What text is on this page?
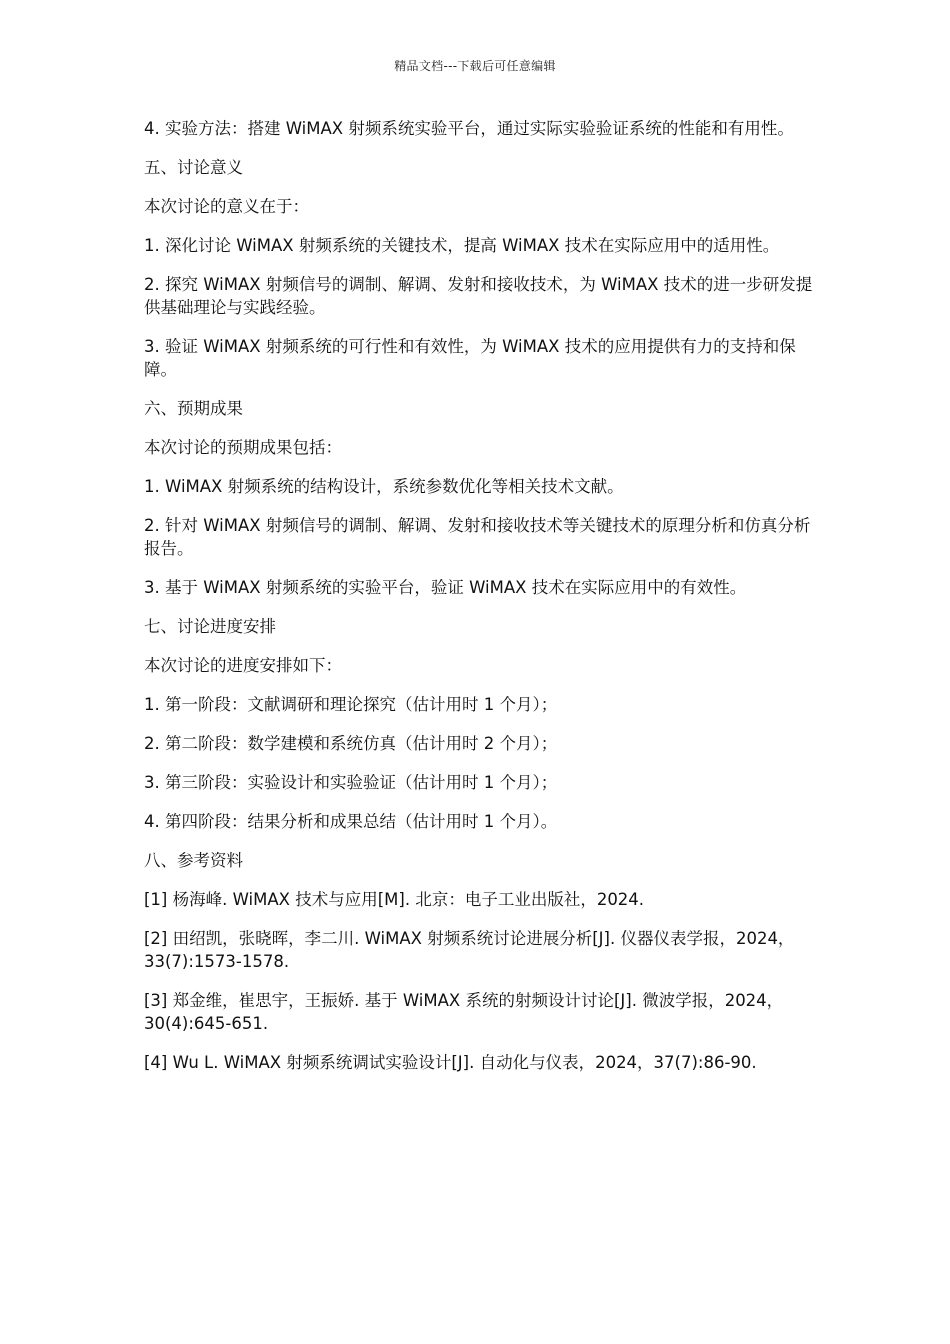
精品文档---下载后可任意编辑

4. 实验方法：搭建 WiMAX 射频系统实验平台，通过实际实验验证系统的性能和有用性。

五、讨论意义

本次讨论的意义在于：

1. 深化讨论 WiMAX 射频系统的关键技术，提高 WiMAX 技术在实际应用中的适用性。

2. 探究 WiMAX 射频信号的调制、解调、发射和接收技术，为 WiMAX 技术的进一步研发提供基础理论与实践经验。

3. 验证 WiMAX 射频系统的可行性和有效性，为 WiMAX 技术的应用提供有力的支持和保障。

六、预期成果

本次讨论的预期成果包括：

1. WiMAX 射频系统的结构设计，系统参数优化等相关技术文献。

2. 针对 WiMAX 射频信号的调制、解调、发射和接收技术等关键技术的原理分析和仿真分析报告。

3. 基于 WiMAX 射频系统的实验平台，验证 WiMAX 技术在实际应用中的有效性。

七、讨论进度安排

本次讨论的进度安排如下：

1. 第一阶段：文献调研和理论探究（估计用时 1 个月）；

2. 第二阶段：数学建模和系统仿真（估计用时 2 个月）；

3. 第三阶段：实验设计和实验验证（估计用时 1 个月）；

4. 第四阶段：结果分析和成果总结（估计用时 1 个月）。

八、参考资料

[1] 杨海峰. WiMAX 技术与应用[M]. 北京：电子工业出版社，2024.

[2] 田绍凯，张晓晖，李二川. WiMAX 射频系统讨论进展分析[J]. 仪器仪表学报，2024，33(7):1573-1578.

[3] 郑金维，崔思宇，王振娇. 基于 WiMAX 系统的射频设计讨论[J]. 微波学报，2024，30(4):645-651.

[4] Wu L. WiMAX 射频系统调试实验设计[J]. 自动化与仪表，2024，37(7):86-90.
